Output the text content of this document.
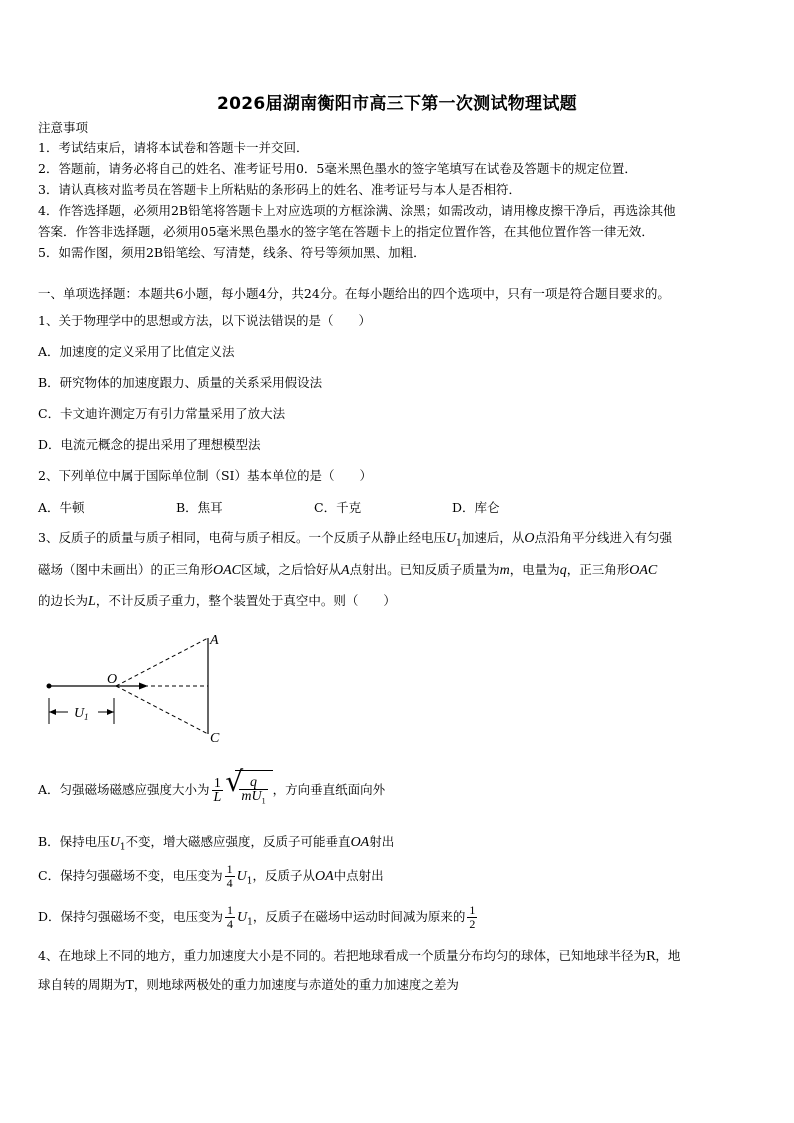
2026届湖南衡阳市高三下第一次测试物理试题
注意事项
1．考试结束后，请将本试卷和答题卡一并交回．
2．答题前，请务必将自己的姓名、准考证号用0．5毫米黑色墨水的签字笔填写在试卷及答题卡的规定位置．
3．请认真核对监考员在答题卡上所粘贴的条形码上的姓名、准考证号与本人是否相符．
4．作答选择题，必须用2B铅笔将答题卡上对应选项的方框涂满、涂黑；如需改动，请用橡皮擦干净后，再选涂其他
答案．作答非选择题，必须用05毫米黑色墨水的签字笔在答题卡上的指定位置作答，在其他位置作答一律无效．
5．如需作图，须用2B铅笔绘、写清楚，线条、符号等须加黑、加粗．
一、单项选择题：本题共6小题，每小题4分，共24分。在每小题给出的四个选项中，只有一项是符合题目要求的。
1、关于物理学中的思想或方法，以下说法错误的是（　　）
A．加速度的定义采用了比值定义法
B．研究物体的加速度跟力、质量的关系采用假设法
C．卡文迪许测定万有引力常量采用了放大法
D．电流元概念的提出采用了理想模型法
2、下列单位中属于国际单位制（SI）基本单位的是（　　）
A．牛顿	B．焦耳	C．千克	D．库仑
3、反质子的质量与质子相同，电荷与质子相反。一个反质子从静止经电压$U_1$加速后，从O点沿角平分线进入有匀强
磁场（图中未画出）的正三角形OAC区域，之后恰好从A点射出。已知反质子质量为m，电量为q，正三角形OAC
的边长为L，不计反质子重力，整个装置处于真空中。则（　　）
A
O
C
U 1
A．匀强磁场磁感应强度大小为 $\frac{1}{L}$ √
$\frac{q}{mU_1}$ ，方向垂直纸面向外
B．保持电压$U_1$不变，增大磁感应强度，反质子可能垂直OA射出
C．保持匀强磁场不变，电压变为 $\frac{1}{4} U_1$，反质子从OA中点射出
D．保持匀强磁场不变，电压变为 $\frac{1}{4} U_1$，反质子在磁场中运动时间减为原来的 $\frac{1}{2}$
4、在地球上不同的地方，重力加速度大小是不同的。若把地球看成一个质量分布均匀的球体，已知地球半径为R，地
球自转的周期为T，则地球两极处的重力加速度与赤道处的重力加速度之差为
